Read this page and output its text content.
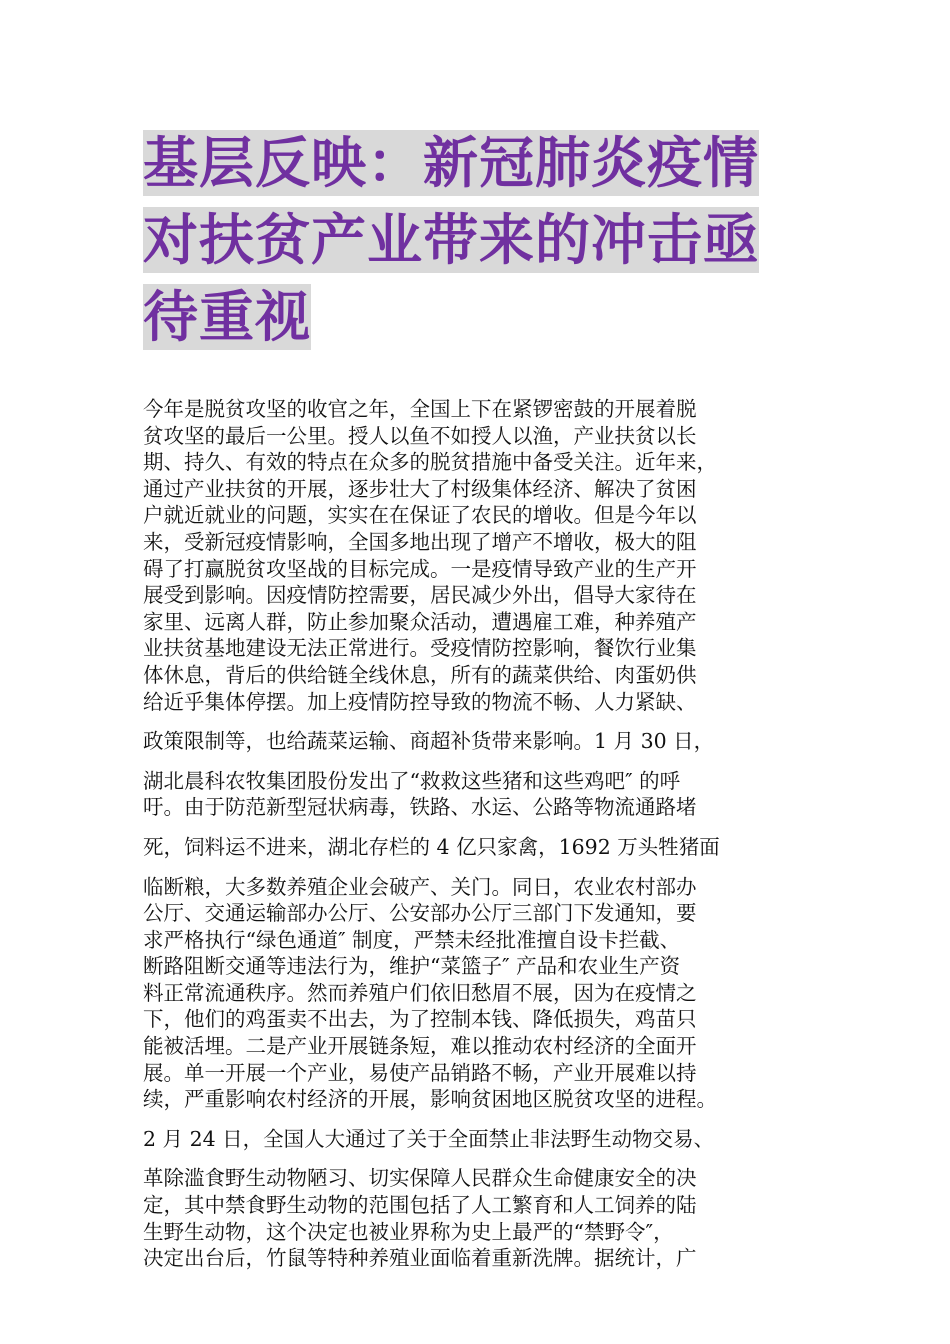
基层反映：新冠肺炎疫情
对扶贫产业带来的冲击亟
待重视
今年是脱贫攻坚的收官之年，全国上下在紧锣密鼓的开展着脱
贫攻坚的最后一公里。授人以鱼不如授人以渔，产业扶贫以长
期、持久、有效的特点在众多的脱贫措施中备受关注。近年来，
通过产业扶贫的开展，逐步壮大了村级集体经济、解决了贫困
户就近就业的问题，实实在在保证了农民的增收。但是今年以
来，受新冠疫情影响，全国多地出现了增产不增收，极大的阻
碍了打赢脱贫攻坚战的目标完成。一是疫情导致产业的生产开
展受到影响。因疫情防控需要，居民减少外出，倡导大家待在
家里、远离人群，防止参加聚众活动，遭遇雇工难，种养殖产
业扶贫基地建设无法正常进行。受疫情防控影响，餐饮行业集
体休息，背后的供给链全线休息，所有的蔬菜供给、肉蛋奶供
给近乎集体停摆。加上疫情防控导致的物流不畅、人力紧缺、
政策限制等，也给蔬菜运输、商超补货带来影响。1 月 30 日，
湖北晨科农牧集团股份发出了“救救这些猪和这些鸡吧″ 的呼
吁。由于防范新型冠状病毒，铁路、水运、公路等物流通路堵
死，饲料运不进来，湖北存栏的 4 亿只家禽，1692 万头牲猪面
临断粮，大多数养殖企业会破产、关门。同日，农业农村部办
公厅、交通运输部办公厅、公安部办公厅三部门下发通知，要
求严格执行“绿色通道″ 制度，严禁未经批准擅自设卡拦截、
断路阻断交通等违法行为，维护“菜篮子″ 产品和农业生产资
料正常流通秩序。然而养殖户们依旧愁眉不展，因为在疫情之
下，他们的鸡蛋卖不出去，为了控制本钱、降低损失，鸡苗只
能被活埋。二是产业开展链条短，难以推动农村经济的全面开
展。单一开展一个产业，易使产品销路不畅，产业开展难以持
续，严重影响农村经济的开展，影响贫困地区脱贫攻坚的进程。
2 月 24 日，全国人大通过了关于全面禁止非法野生动物交易、
革除滥食野生动物陋习、切实保障人民群众生命健康安全的决
定，其中禁食野生动物的范围包括了人工繁育和人工饲养的陆
生野生动物，这个决定也被业界称为史上最严的“禁野令″，
决定出台后，竹鼠等特种养殖业面临着重新洗牌。据统计，广
